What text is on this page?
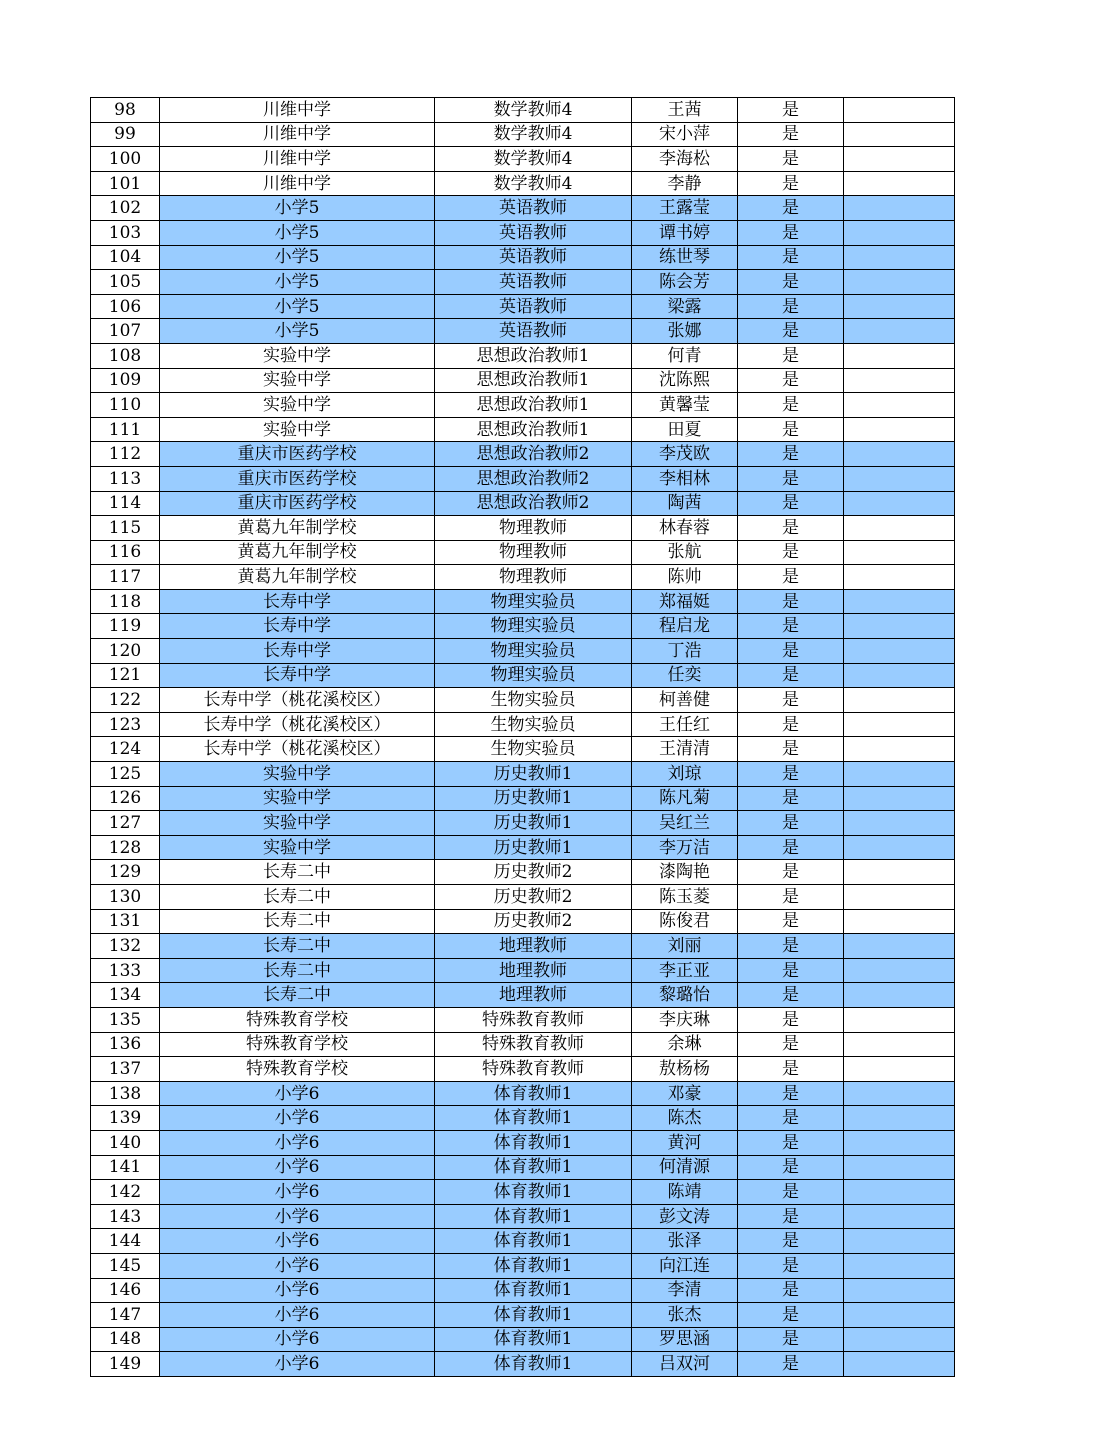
98	川维中学	数学教师4	王茜	是	
99	川维中学	数学教师4	宋小萍	是	
100	川维中学	数学教师4	李海松	是	
101	川维中学	数学教师4	李静	是	
102	小学5	英语教师	王露莹	是	
103	小学5	英语教师	谭书婷	是	
104	小学5	英语教师	练世琴	是	
105	小学5	英语教师	陈会芳	是	
106	小学5	英语教师	梁露	是	
107	小学5	英语教师	张娜	是	
108	实验中学	思想政治教师1	何青	是	
109	实验中学	思想政治教师1	沈陈熙	是	
110	实验中学	思想政治教师1	黄馨莹	是	
111	实验中学	思想政治教师1	田夏	是	
112	重庆市医药学校	思想政治教师2	李茂欧	是	
113	重庆市医药学校	思想政治教师2	李相林	是	
114	重庆市医药学校	思想政治教师2	陶茜	是	
115	黄葛九年制学校	物理教师	林春蓉	是	
116	黄葛九年制学校	物理教师	张航	是	
117	黄葛九年制学校	物理教师	陈帅	是	
118	长寿中学	物理实验员	郑福娗	是	
119	长寿中学	物理实验员	程启龙	是	
120	长寿中学	物理实验员	丁浩	是	
121	长寿中学	物理实验员	任奕	是	
122	长寿中学（桃花溪校区）	生物实验员	柯善健	是	
123	长寿中学（桃花溪校区）	生物实验员	王任红	是	
124	长寿中学（桃花溪校区）	生物实验员	王清清	是	
125	实验中学	历史教师1	刘琼	是	
126	实验中学	历史教师1	陈凡菊	是	
127	实验中学	历史教师1	吴红兰	是	
128	实验中学	历史教师1	李万洁	是	
129	长寿二中	历史教师2	漆陶艳	是	
130	长寿二中	历史教师2	陈玉菱	是	
131	长寿二中	历史教师2	陈俊君	是	
132	长寿二中	地理教师	刘丽	是	
133	长寿二中	地理教师	李正亚	是	
134	长寿二中	地理教师	黎璐怡	是	
135	特殊教育学校	特殊教育教师	李庆琳	是	
136	特殊教育学校	特殊教育教师	余琳	是	
137	特殊教育学校	特殊教育教师	敖杨杨	是	
138	小学6	体育教师1	邓豪	是	
139	小学6	体育教师1	陈杰	是	
140	小学6	体育教师1	黄河	是	
141	小学6	体育教师1	何清源	是	
142	小学6	体育教师1	陈靖	是	
143	小学6	体育教师1	彭文涛	是	
144	小学6	体育教师1	张泽	是	
145	小学6	体育教师1	向江连	是	
146	小学6	体育教师1	李清	是	
147	小学6	体育教师1	张杰	是	
148	小学6	体育教师1	罗思涵	是	
149	小学6	体育教师1	吕双河	是	
